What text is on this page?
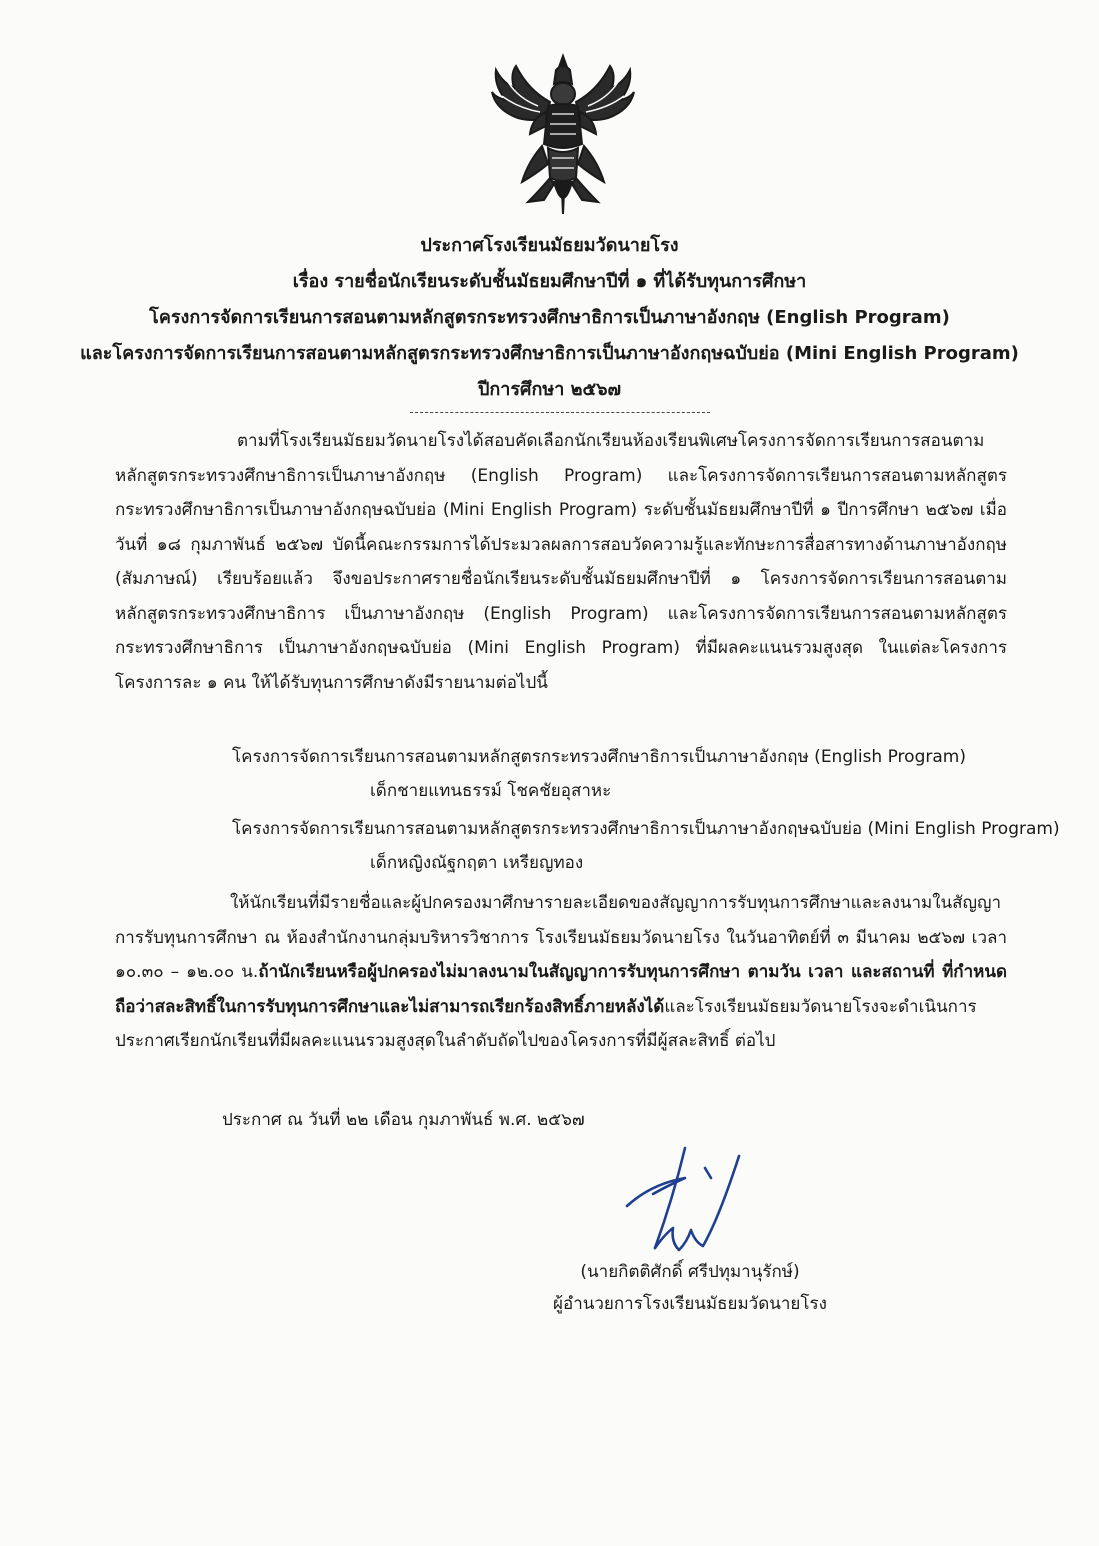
ประกาศโรงเรียนมัธยมวัดนายโรง
เรื่อง รายชื่อนักเรียนระดับชั้นมัธยมศึกษาปีที่ ๑ ที่ได้รับทุนการศึกษา
โครงการจัดการเรียนการสอนตามหลักสูตรกระทรวงศึกษาธิการเป็นภาษาอังกฤษ (English Program)
และโครงการจัดการเรียนการสอนตามหลักสูตรกระทรวงศึกษาธิการเป็นภาษาอังกฤษฉบับย่อ (Mini English Program)
ปีการศึกษา ๒๕๖๗
ตามที่โรงเรียนมัธยมวัดนายโรงได้สอบคัดเลือกนักเรียนห้องเรียนพิเศษโครงการจัดการเรียนการสอนตามหลักสูตรกระทรวงศึกษาธิการเป็นภาษาอังกฤษ (English Program) และโครงการจัดการเรียนการสอนตามหลักสูตรกระทรวงศึกษาธิการเป็นภาษาอังกฤษฉบับย่อ (Mini English Program) ระดับชั้นมัธยมศึกษาปีที่ ๑ ปีการศึกษา ๒๕๖๗ เมื่อวันที่ ๑๘ กุมภาพันธ์ ๒๕๖๗ บัดนี้คณะกรรมการได้ประมวลผลการสอบวัดความรู้และทักษะการสื่อสารทางด้านภาษาอังกฤษ (สัมภาษณ์) เรียบร้อยแล้ว จึงขอประกาศรายชื่อนักเรียนระดับชั้นมัธยมศึกษาปีที่ ๑ โครงการจัดการเรียนการสอนตามหลักสูตรกระทรวงศึกษาธิการ เป็นภาษาอังกฤษ (English Program) และโครงการจัดการเรียนการสอนตามหลักสูตรกระทรวงศึกษาธิการ เป็นภาษาอังกฤษฉบับย่อ (Mini English Program) ที่มีผลคะแนนรวมสูงสุด ในแต่ละโครงการ โครงการละ ๑ คน ให้ได้รับทุนการศึกษาดังมีรายนามต่อไปนี้
โครงการจัดการเรียนการสอนตามหลักสูตรกระทรวงศึกษาธิการเป็นภาษาอังกฤษ (English Program)
เด็กชายแทนธรรม์ โชคชัยอุสาหะ
โครงการจัดการเรียนการสอนตามหลักสูตรกระทรวงศึกษาธิการเป็นภาษาอังกฤษฉบับย่อ (Mini English Program)
เด็กหญิงณัฐกฤตา เหรียญทอง
ให้นักเรียนที่มีรายชื่อและผู้ปกครองมาศึกษารายละเอียดของสัญญาการรับทุนการศึกษาและลงนามในสัญญาการรับทุนการศึกษา ณ ห้องสำนักงานกลุ่มบริหารวิชาการ โรงเรียนมัธยมวัดนายโรง ในวันอาทิตย์ที่ ๓ มีนาคม ๒๕๖๗ เวลา ๑๐.๓๐ – ๑๒.๐๐ น.ถ้านักเรียนหรือผู้ปกครองไม่มาลงนามในสัญญาการรับทุนการศึกษา ตามวัน เวลา และสถานที่ ที่กำหนดถือว่าสละสิทธิ์ในการรับทุนการศึกษาและไม่สามารถเรียกร้องสิทธิ์ภายหลังได้และโรงเรียนมัธยมวัดนายโรงจะดำเนินการประกาศเรียกนักเรียนที่มีผลคะแนนรวมสูงสุดในลำดับถัดไปของโครงการที่มีผู้สละสิทธิ์ ต่อไป
ประกาศ ณ วันที่ ๒๒ เดือน กุมภาพันธ์ พ.ศ. ๒๕๖๗
(นายกิตติศักดิ์ ศรีปทุมานุรักษ์)
ผู้อำนวยการโรงเรียนมัธยมวัดนายโรง
